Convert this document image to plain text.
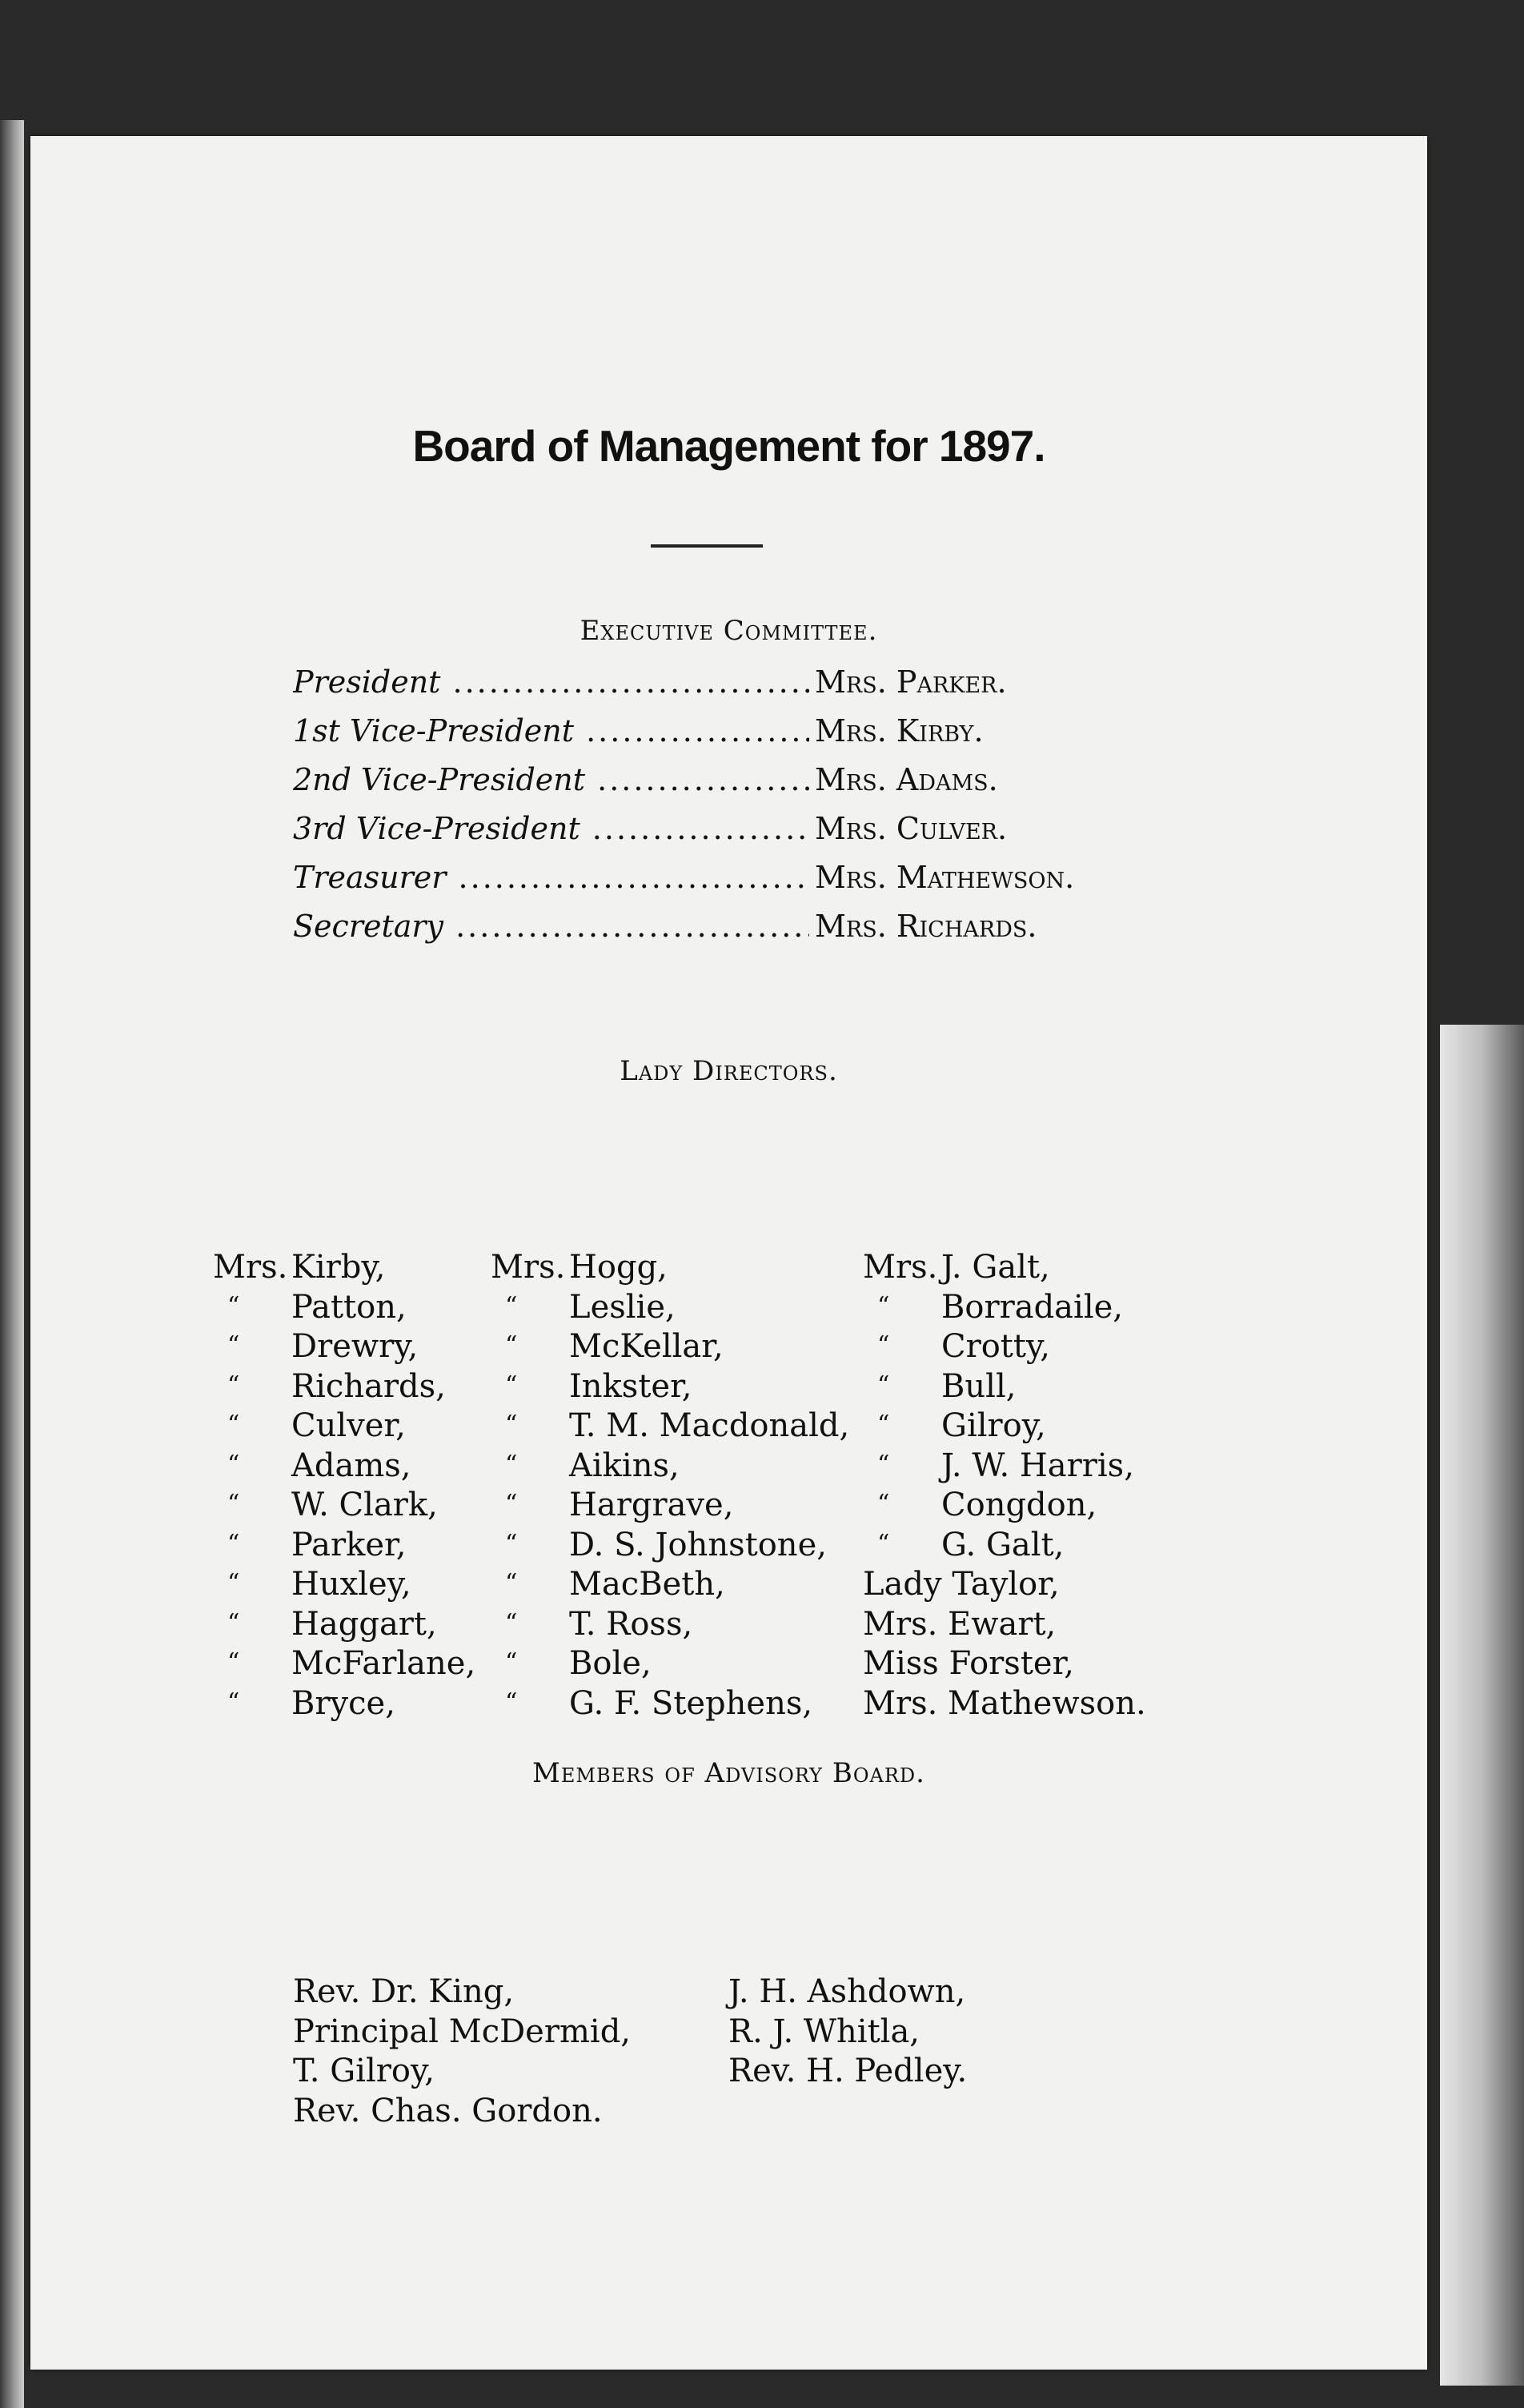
Board of Management for 1897.
Executive Committee.
President .....	Mrs. Parker.
1st Vice-President .....	Mrs. Kirby.
2nd Vice-President .....	Mrs. Adams.
3rd Vice-President .....	Mrs. Culver.
Treasurer .....	Mrs. Mathewson.
Secretary .....	Mrs. Richards.
Lady Directors.
Mrs. Kirby,
“ Patton,
“ Drewry,
“ Richards,
“ Culver,
“ Adams,
“ W. Clark,
“ Parker,
“ Huxley,
“ Haggart,
“ McFarlane,
“ Bryce,
Mrs. Hogg,
“ Leslie,
“ McKellar,
“ Inkster,
“ T. M. Macdonald,
“ Aikins,
“ Hargrave,
“ D. S. Johnstone,
“ MacBeth,
“ T. Ross,
“ Bole,
“ G. F. Stephens,
Mrs. J. Galt,
“ Borradaile,
“ Crotty,
“ Bull,
“ Gilroy,
“ J. W. Harris,
“ Congdon,
“ G. Galt,
Lady Taylor,
Mrs. Ewart,
Miss Forster,
Mrs. Mathewson.
Members of Advisory Board.
Rev. Dr. King,
Principal McDermid,
T. Gilroy,
Rev. Chas. Gordon.
J. H. Ashdown,
R. J. Whitla,
Rev. H. Pedley.
